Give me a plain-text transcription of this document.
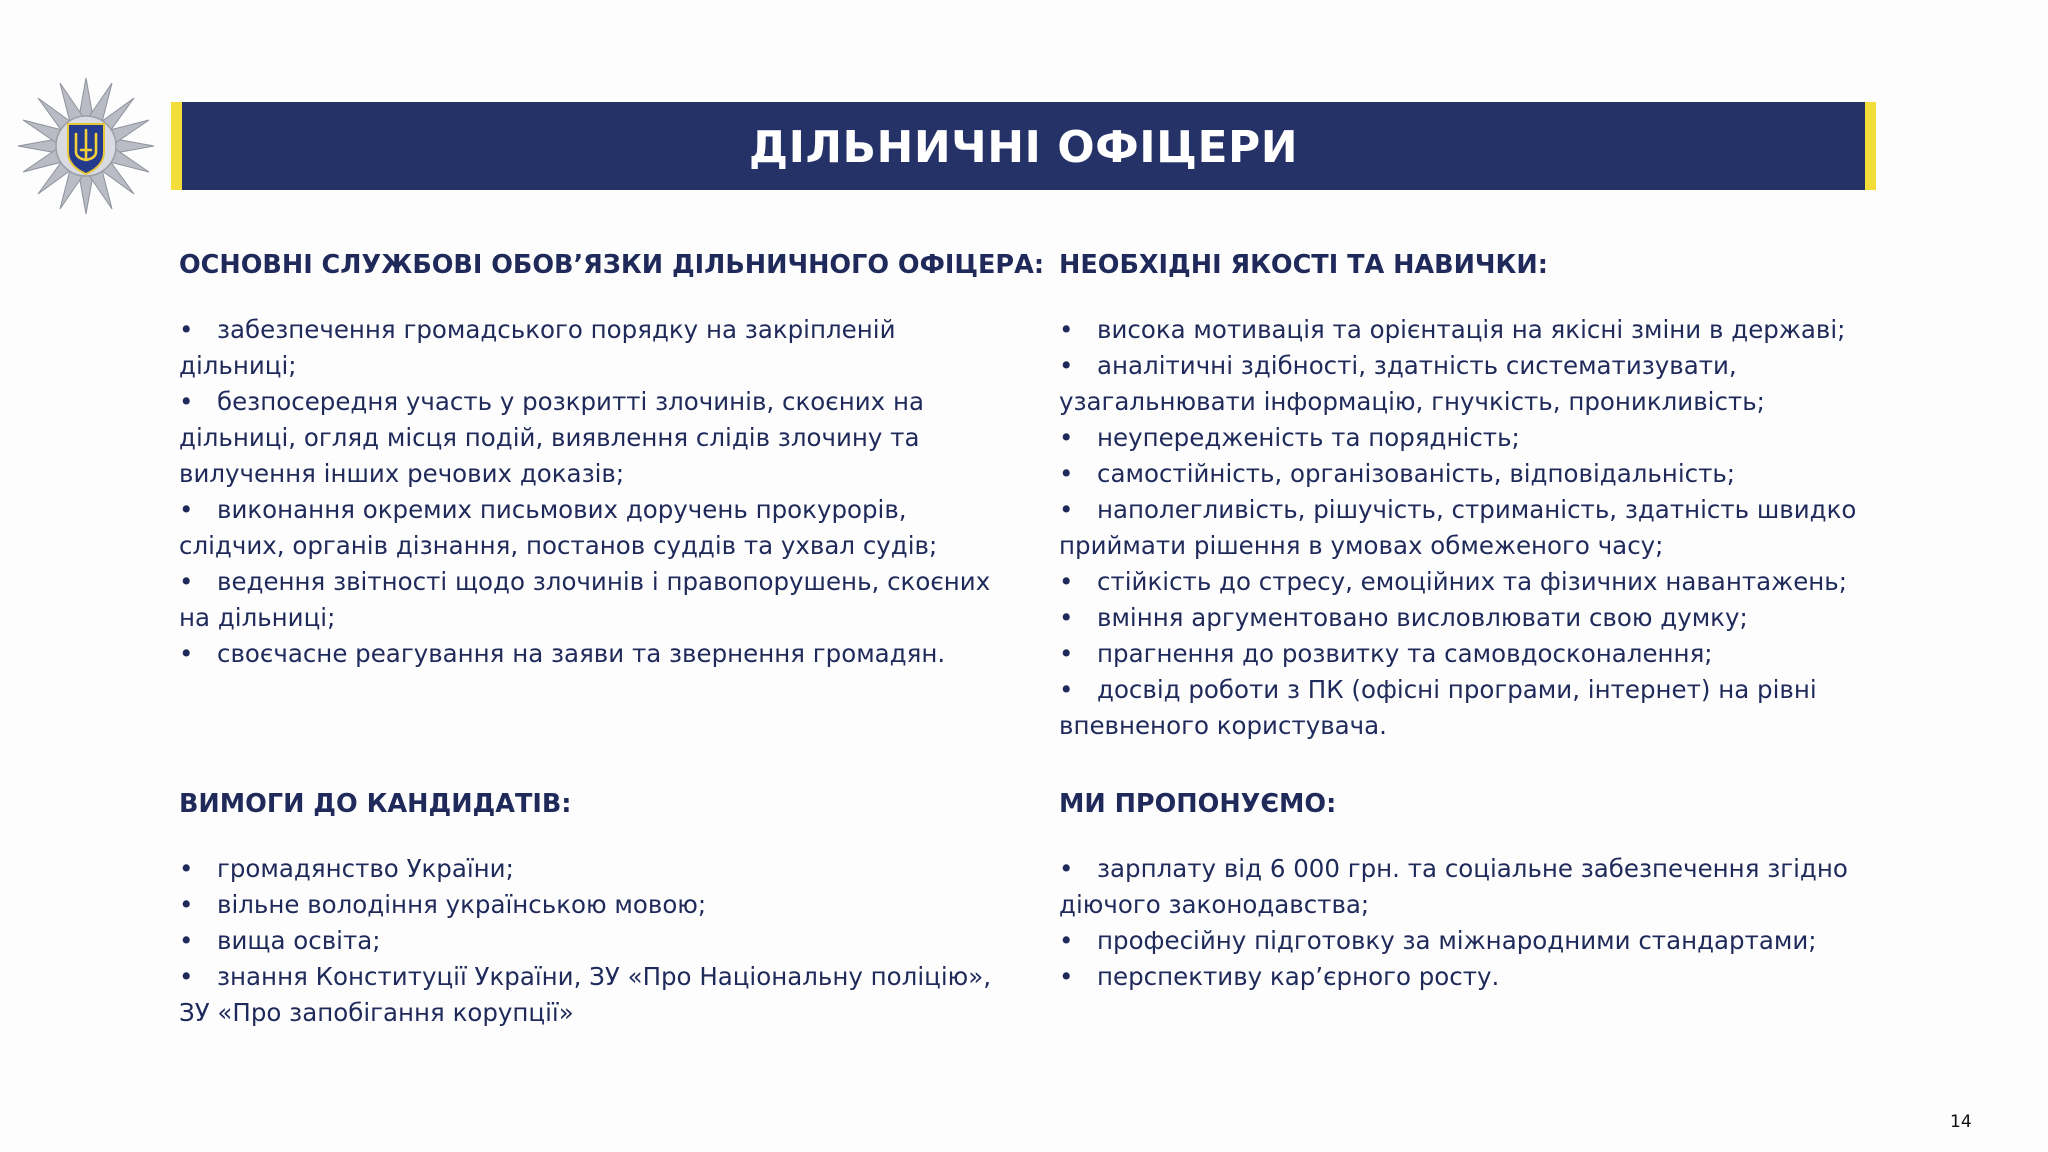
ДІЛЬНИЧНІ ОФІЦЕРИ
ОСНОВНІ СЛУЖБОВІ ОБОВ’ЯЗКИ ДІЛЬНИЧНОГО ОФІЦЕРА:
• забезпечення громадського порядку на закріпленій дільниці;
• безпосередня участь у розкритті злочинів, скоєних на дільниці, огляд місця подій, виявлення слідів злочину та вилучення інших речових доказів;
• виконання окремих письмових доручень прокурорів, слідчих, органів дізнання, постанов суддів та ухвал судів;
• ведення звітності щодо злочинів і правопорушень, скоєних на дільниці;
• своєчасне реагування на заяви та звернення громадян.
НЕОБХІДНІ ЯКОСТІ ТА НАВИЧКИ:
• висока мотивація та орієнтація на якісні зміни в державі;
• аналітичні здібності, здатність систематизувати, узагальнювати інформацію, гнучкість, проникливість;
• неупередженість та порядність;
• самостійність, організованість, відповідальність;
• наполегливість, рішучість, стриманість, здатність швидко приймати рішення в умовах обмеженого часу;
• стійкість до стресу, емоційних та фізичних навантажень;
• вміння аргументовано висловлювати свою думку;
• прагнення до розвитку та самовдосконалення;
• досвід роботи з ПК (офісні програми, інтернет) на рівні впевненого користувача.
ВИМОГИ ДО КАНДИДАТІВ:
• громадянство України;
• вільне володіння українською мовою;
• вища освіта;
• знання Конституції України, ЗУ «Про Національну поліцію», ЗУ «Про запобігання корупції»
МИ ПРОПОНУЄМО:
• зарплату від 6 000 грн. та соціальне забезпечення згідно діючого законодавства;
• професійну підготовку за міжнародними стандартами;
• перспективу кар’єрного росту.
14
